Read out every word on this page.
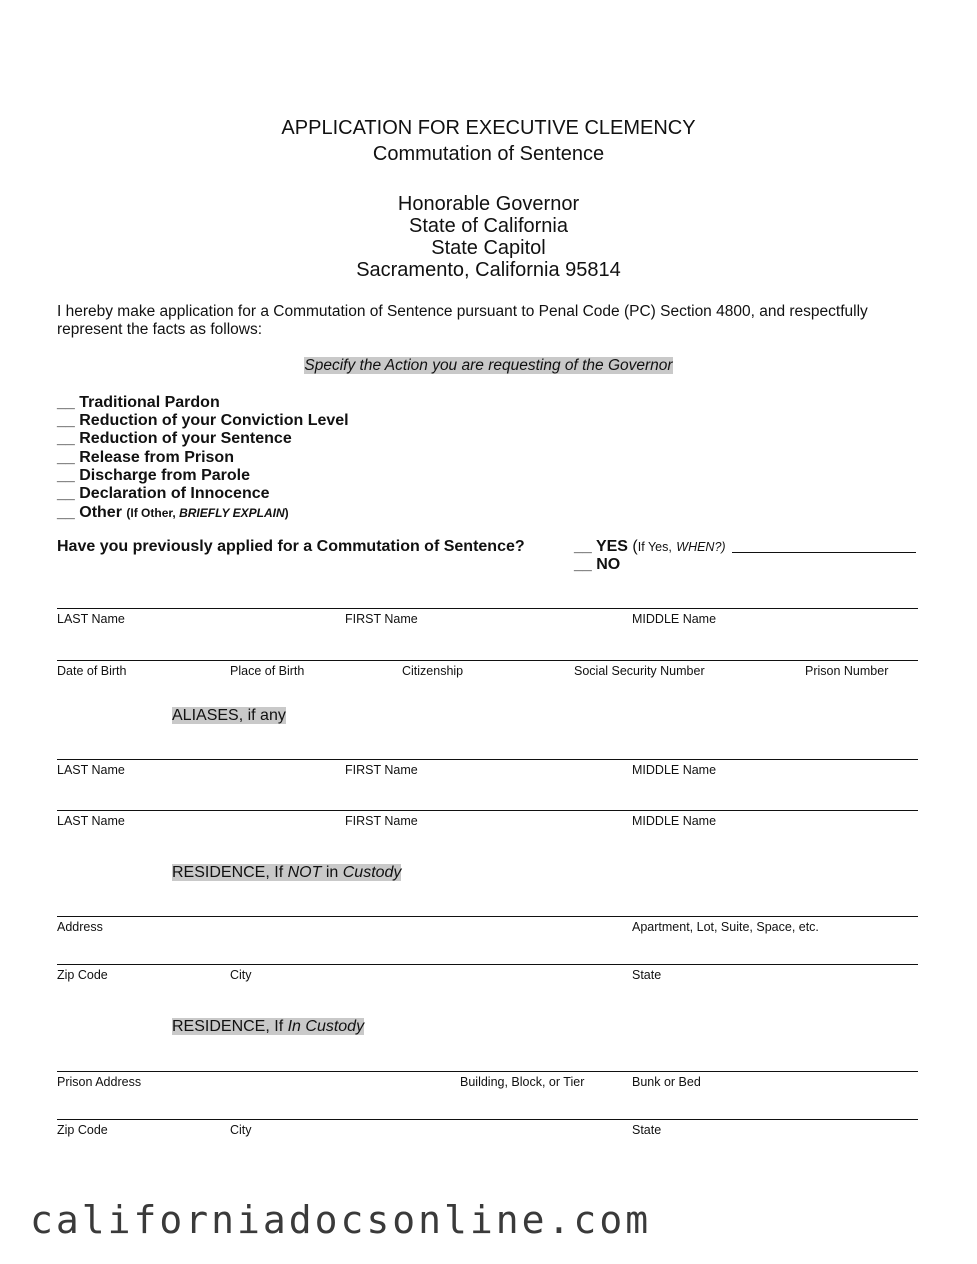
APPLICATION FOR EXECUTIVE CLEMENCY
Commutation of Sentence
Honorable Governor
State of California
State Capitol
Sacramento, California 95814
I hereby make application for a Commutation of Sentence pursuant to Penal Code (PC) Section 4800, and respectfully represent the facts as follows:
Specify the Action you are requesting of the Governor
__ Traditional Pardon
__ Reduction of your Conviction Level
__ Reduction of your Sentence
__ Release from Prison
__ Discharge from Parole
__ Declaration of Innocence
__ Other (If Other, BRIEFLY EXPLAIN)
Have you previously applied for a Commutation of Sentence?	__ YES (If Yes, WHEN?)
__ NO
LAST Name	FIRST Name	MIDDLE Name
Date of Birth	Place of Birth	Citizenship	Social Security Number	Prison Number
ALIASES, if any
LAST Name	FIRST Name	MIDDLE Name
LAST Name	FIRST Name	MIDDLE Name
RESIDENCE, If NOT in Custody
Address	Apartment, Lot, Suite, Space, etc.
Zip Code	City	State
RESIDENCE, If In Custody
Prison Address	Building, Block, or Tier	Bunk or Bed
Zip Code	City	State
californiadocsonline.com
